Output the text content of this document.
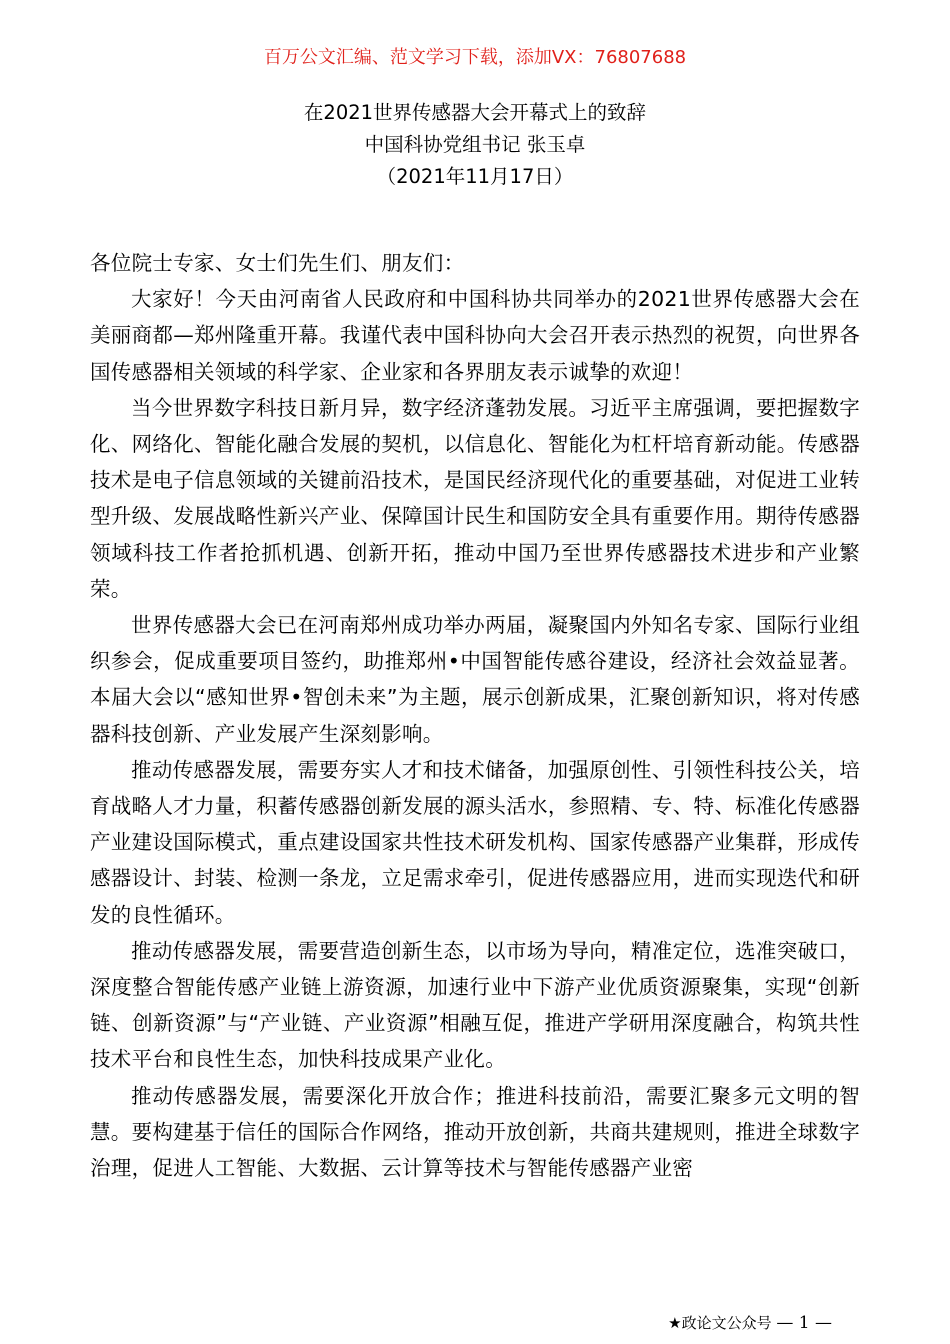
百万公文汇编、范文学习下载，添加VX：76807688
在2021世界传感器大会开幕式上的致辞
中国科协党组书记 张玉卓
（2021年11月17日）

各位院士专家、女士们先生们、朋友们：

大家好！今天由河南省人民政府和中国科协共同举办的2021世界传感器大会在美丽商都—郑州隆重开幕。我谨代表中国科协向大会召开表示热烈的祝贺，向世界各国传感器相关领域的科学家、企业家和各界朋友表示诚挚的欢迎！

当今世界数字科技日新月异，数字经济蓬勃发展。习近平主席强调，要把握数字化、网络化、智能化融合发展的契机，以信息化、智能化为杠杆培育新动能。传感器技术是电子信息领域的关键前沿技术，是国民经济现代化的重要基础，对促进工业转型升级、发展战略性新兴产业、保障国计民生和国防安全具有重要作用。期待传感器领域科技工作者抢抓机遇、创新开拓，推动中国乃至世界传感器技术进步和产业繁荣。

世界传感器大会已在河南郑州成功举办两届，凝聚国内外知名专家、国际行业组织参会，促成重要项目签约，助推郑州•中国智能传感谷建设，经济社会效益显著。本届大会以“感知世界•智创未来”为主题，展示创新成果，汇聚创新知识，将对传感器科技创新、产业发展产生深刻影响。

推动传感器发展，需要夯实人才和技术储备，加强原创性、引领性科技公关，培育战略人才力量，积蓄传感器创新发展的源头活水，参照精、专、特、标准化传感器产业建设国际模式，重点建设国家共性技术研发机构、国家传感器产业集群，形成传感器设计、封装、检测一条龙，立足需求牵引，促进传感器应用，进而实现迭代和研发的良性循环。

推动传感器发展，需要营造创新生态，以市场为导向，精准定位，选准突破口，深度整合智能传感产业链上游资源，加速行业中下游产业优质资源聚集，实现“创新链、创新资源”与“产业链、产业资源”相融互促，推进产学研用深度融合，构筑共性技术平台和良性生态，加快科技成果产业化。

推动传感器发展，需要深化开放合作；推进科技前沿，需要汇聚多元文明的智慧。要构建基于信任的国际合作网络，推动开放创新，共商共建规则，推进全球数字治理，促进人工智能、大数据、云计算等技术与智能传感器产业密

★政论文公众号 — 1 —
